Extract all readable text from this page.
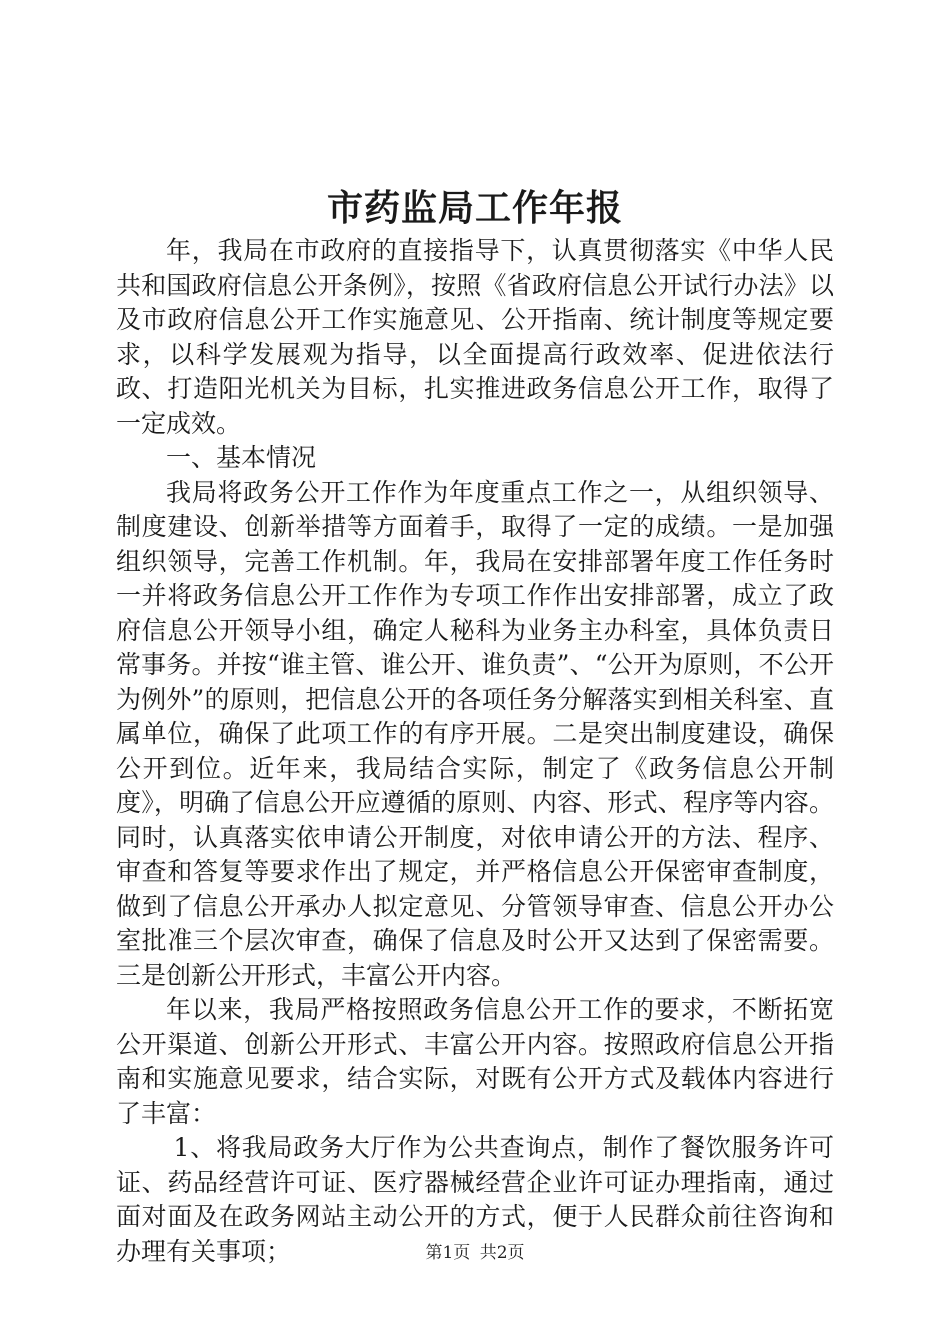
市药监局工作年报

年，我局在市政府的直接指导下，认真贯彻落实《中华人民共和国政府信息公开条例》，按照《省政府信息公开试行办法》以及市政府信息公开工作实施意见、公开指南、统计制度等规定要求，以科学发展观为指导，以全面提高行政效率、促进依法行政、打造阳光机关为目标，扎实推进政务信息公开工作，取得了一定成效。

一、基本情况

我局将政务公开工作作为年度重点工作之一，从组织领导、制度建设、创新举措等方面着手，取得了一定的成绩。一是加强组织领导，完善工作机制。年，我局在安排部署年度工作任务时一并将政务信息公开工作作为专项工作作出安排部署，成立了政府信息公开领导小组，确定人秘科为业务主办科室，具体负责日常事务。并按“谁主管、谁公开、谁负责”、“公开为原则，不公开为例外”的原则，把信息公开的各项任务分解落实到相关科室、直属单位，确保了此项工作的有序开展。二是突出制度建设，确保公开到位。近年来，我局结合实际，制定了《政务信息公开制度》，明确了信息公开应遵循的原则、内容、形式、程序等内容。同时，认真落实依申请公开制度，对依申请公开的方法、程序、审查和答复等要求作出了规定，并严格信息公开保密审查制度，做到了信息公开承办人拟定意见、分管领导审查、信息公开办公室批准三个层次审查，确保了信息及时公开又达到了保密需要。三是创新公开形式，丰富公开内容。

年以来，我局严格按照政务信息公开工作的要求，不断拓宽公开渠道、创新公开形式、丰富公开内容。按照政府信息公开指南和实施意见要求，结合实际，对既有公开方式及载体内容进行了丰富：

1、将我局政务大厅作为公共查询点，制作了餐饮服务许可证、药品经营许可证、医疗器械经营企业许可证办理指南，通过面对面及在政务网站主动公开的方式，便于人民群众前往咨询和办理有关事项；	第1页 共2页
